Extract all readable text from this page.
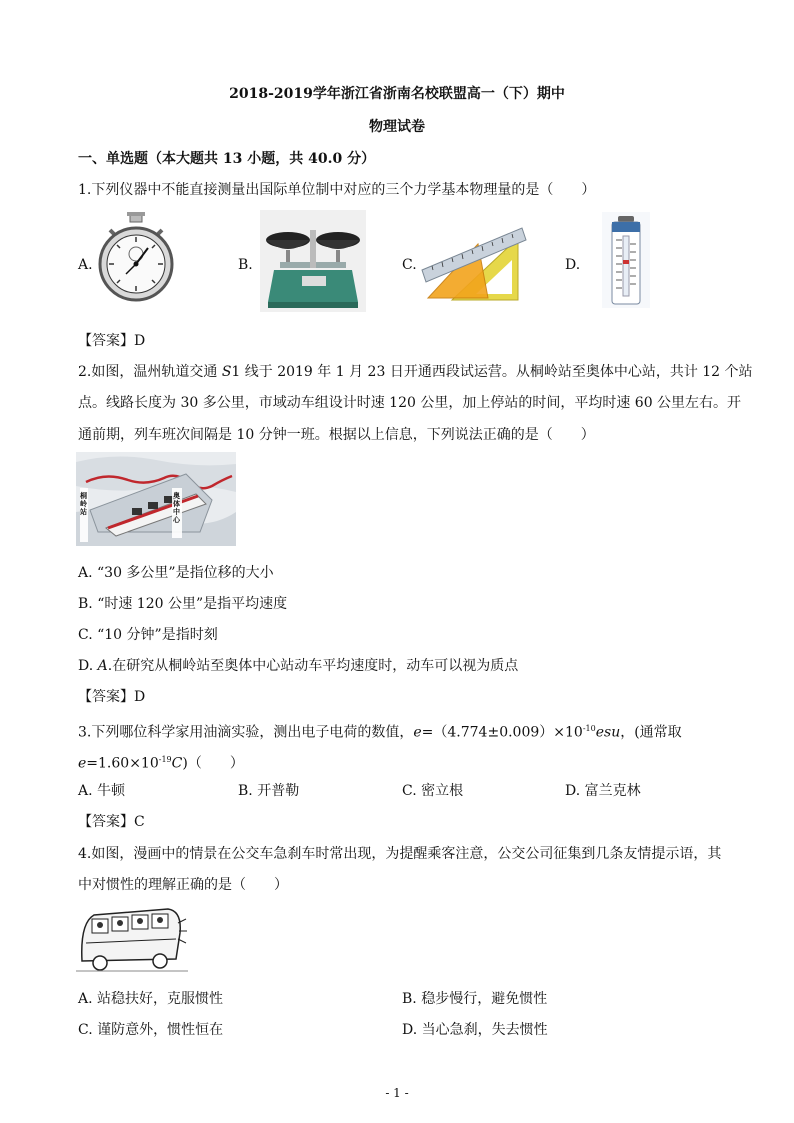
2018-2019学年浙江省浙南名校联盟高一（下）期中
物理试卷
一、单选题（本大题共 13 小题，共 40.0 分）
1.下列仪器中不能直接测量出国际单位制中对应的三个力学基本物理量的是（　　）
A.	B.	C.	D.
【答案】D
2.如图，温州轨道交通 S1 线于 2019 年 1 月 23 日开通西段试运营。从桐岭站至奥体中心站，共计 12 个站
点。线路长度为 30 多公里，市域动车组设计时速 120 公里，加上停站的时间，平均时速 60 公里左右。开
通前期，列车班次间隔是 10 分钟一班。根据以上信息，下列说法正确的是（　　）
桐岭站
奥体中心
A. “30 多公里”是指位移的大小
B. “时速 120 公里”是指平均速度
C. “10 分钟”是指时刻
D. A.在研究从桐岭站至奥体中心站动车平均速度时，动车可以视为质点
【答案】D
3.下列哪位科学家用油滴实验，测出电子电荷的数值，$e=(4.774\pm 0.009)\times 10^{-10}esu$，(通常取
$e=1.60\times 10^{-19}C$)（　　）
A. 牛顿	B. 开普勒	C. 密立根	D. 富兰克林
【答案】C
4.如图，漫画中的情景在公交车急刹车时常出现，为提醒乘客注意，公交公司征集到几条友情提示语，其
中对惯性的理解正确的是（　　）
A. 站稳扶好，克服惯性	B. 稳步慢行，避免惯性
C. 谨防意外，惯性恒在	D. 当心急刹，失去惯性
- 1 -
